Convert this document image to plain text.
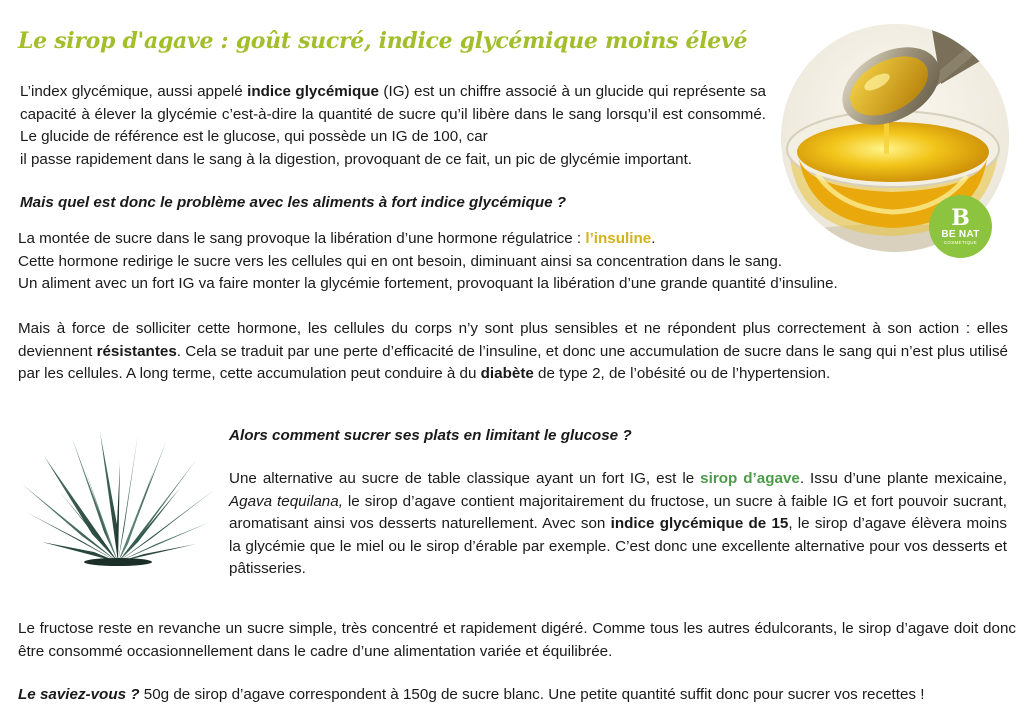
Le sirop d'agave : goût sucré, indice glycémique moins élevé
B
BE NAT
COSMETIQUE

L’index glycémique, aussi appelé indice glycémique (IG) est un chiffre associé à un glucide qui représente sa capacité à élever la glycémie c’est-à-dire la quantité de sucre qu’il libère dans le sang lorsqu’il est consommé. Le glucide de référence est le glucose, qui possède un IG de 100, car
il passe rapidement dans le sang à la digestion, provoquant de ce fait, un pic de glycémie important.

Mais quel est donc le problème avec les aliments à fort indice glycémique ?

La montée de sucre dans le sang provoque la libération d’une hormone régulatrice : l’insuline.
Cette hormone redirige le sucre vers les cellules qui en ont besoin, diminuant ainsi sa concentration dans le sang.
Un aliment avec un fort IG va faire monter la glycémie fortement, provoquant la libération d’une grande quantité d’insuline.

Mais à force de solliciter cette hormone, les cellules du corps n’y sont plus sensibles et ne répondent plus correctement à son action : elles deviennent résistantes. Cela se traduit par une perte d’efficacité de l’insuline, et donc une accumulation de sucre dans le sang qui n’est plus utilisé par les cellules. A long terme, cette accumulation peut conduire à du diabète de type 2, de l’obésité ou de l’hypertension.

Alors comment sucrer ses plats en limitant le glucose ?

Une alternative au sucre de table classique ayant un fort IG, est le sirop d’agave. Issu d’une plante mexicaine, Agava tequilana, le sirop d’agave contient majoritairement du fructose, un sucre à faible IG et fort pouvoir sucrant, aromatisant ainsi vos desserts naturellement. Avec son indice glycémique de 15, le sirop d’agave élèvera moins la glycémie que le miel ou le sirop d’érable par exemple. C’est donc une excellente alternative pour vos desserts et pâtisseries.

Le fructose reste en revanche un sucre simple, très concentré et rapidement digéré. Comme tous les autres édulcorants, le sirop d’agave doit donc être consommé occasionnellement dans le cadre d’une alimentation variée et équilibrée.

Le saviez-vous ? 50g de sirop d’agave correspondent à 150g de sucre blanc. Une petite quantité suffit donc pour sucrer vos recettes !
